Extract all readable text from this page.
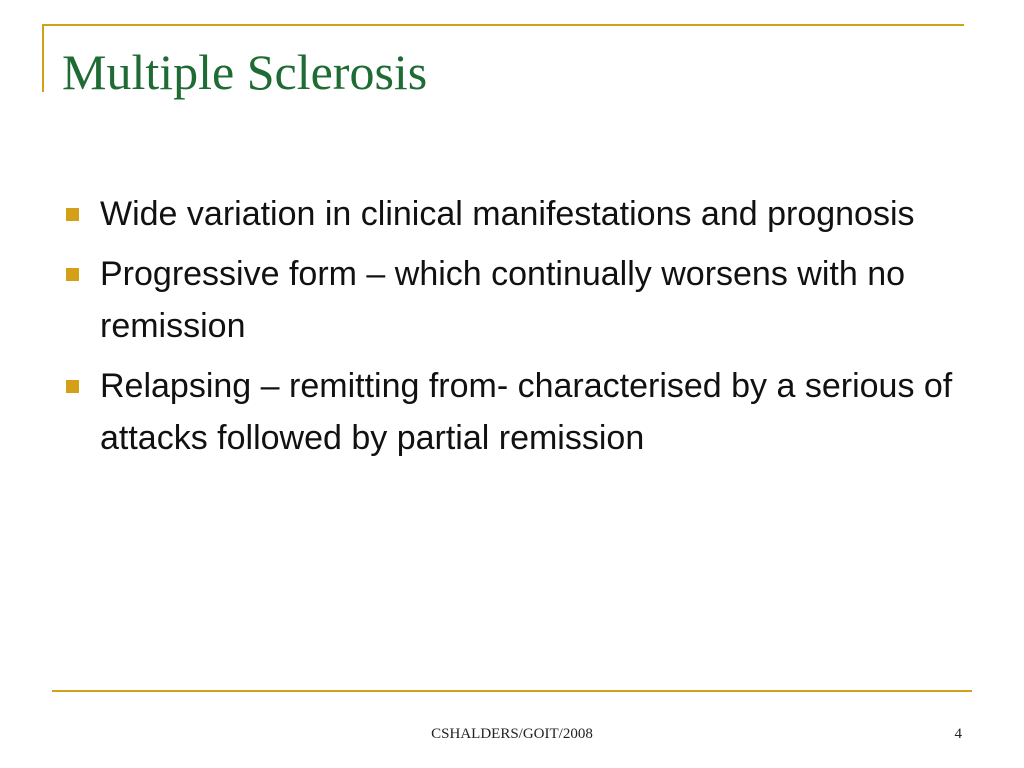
Multiple Sclerosis
Wide variation in clinical manifestations and prognosis
Progressive form – which continually worsens with no remission
Relapsing – remitting from- characterised by a serious of attacks followed by partial remission
CSHALDERS/GOIT/2008	4
